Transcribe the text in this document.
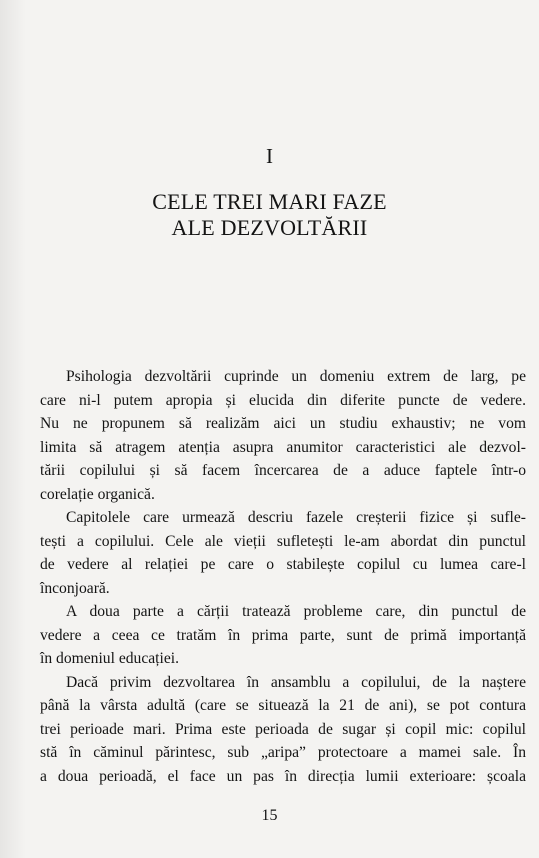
I
CELE TREI MARI FAZE
ALE DEZVOLTĂRII
Psihologia dezvoltării cuprinde un domeniu extrem de larg, pe
care ni-l putem apropia și elucida din diferite puncte de vedere.
Nu ne propunem să realizăm aici un studiu exhaustiv; ne vom
limita să atragem atenția asupra anumitor caracteristici ale dezvol-
tării copilului și să facem încercarea de a aduce faptele într-o
corelație organică.
Capitolele care urmează descriu fazele creșterii fizice și sufle-
tești a copilului. Cele ale vieții sufletești le-am abordat din punctul
de vedere al relației pe care o stabilește copilul cu lumea care-l
înconjoară.
A doua parte a cărții tratează probleme care, din punctul de
vedere a ceea ce tratăm în prima parte, sunt de primă importanță
în domeniul educației.
Dacă privim dezvoltarea în ansamblu a copilului, de la naștere
până la vârsta adultă (care se situează la 21 de ani), se pot contura
trei perioade mari. Prima este perioada de sugar și copil mic: copilul
stă în căminul părintesc, sub „aripa” protectoare a mamei sale. În
a doua perioadă, el face un pas în direcția lumii exterioare: școala
15
